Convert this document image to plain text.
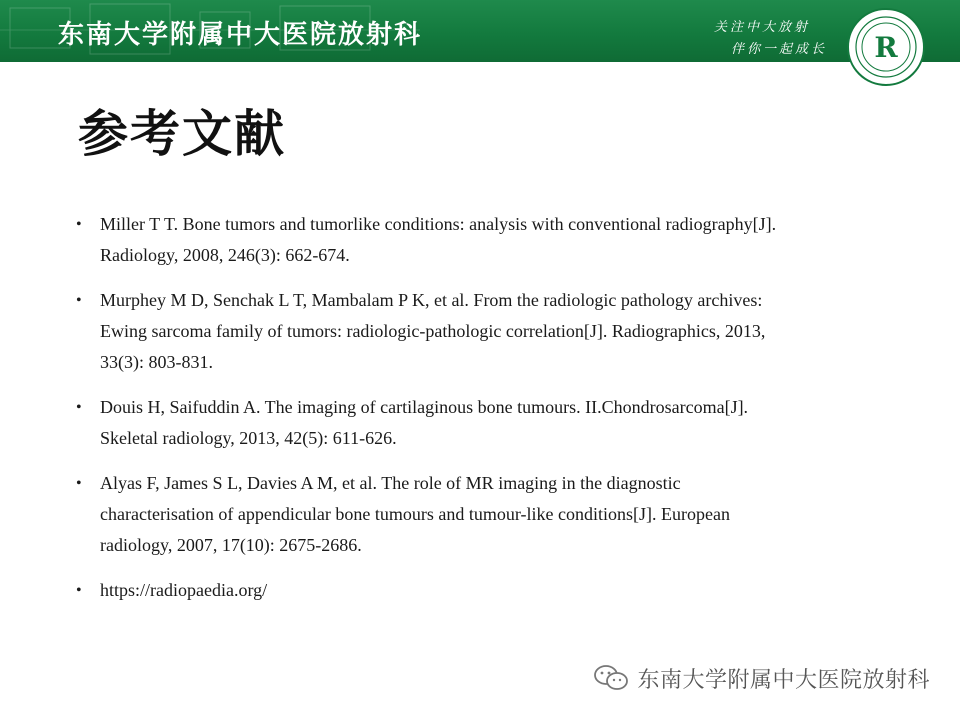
东南大学附属中大医院放射科	关注中大放射
伴你一起成长 R
参考文献
• Miller T T. Bone tumors and tumorlike conditions: analysis with conventional radiography[J].
Radiology, 2008, 246(3): 662-674.
• Murphey M D, Senchak L T, Mambalam P K, et al. From the radiologic pathology archives:
Ewing sarcoma family of tumors: radiologic-pathologic correlation[J]. Radiographics, 2013,
33(3): 803-831.
• Douis H, Saifuddin A. The imaging of cartilaginous bone tumours. II.Chondrosarcoma[J].
Skeletal radiology, 2013, 42(5): 611-626.
• Alyas F, James S L, Davies A M, et al. The role of MR imaging in the diagnostic
characterisation of appendicular bone tumours and tumour-like conditions[J]. European
radiology, 2007, 17(10): 2675-2686.
• https://radiopaedia.org/
东南大学附属中大医院放射科
